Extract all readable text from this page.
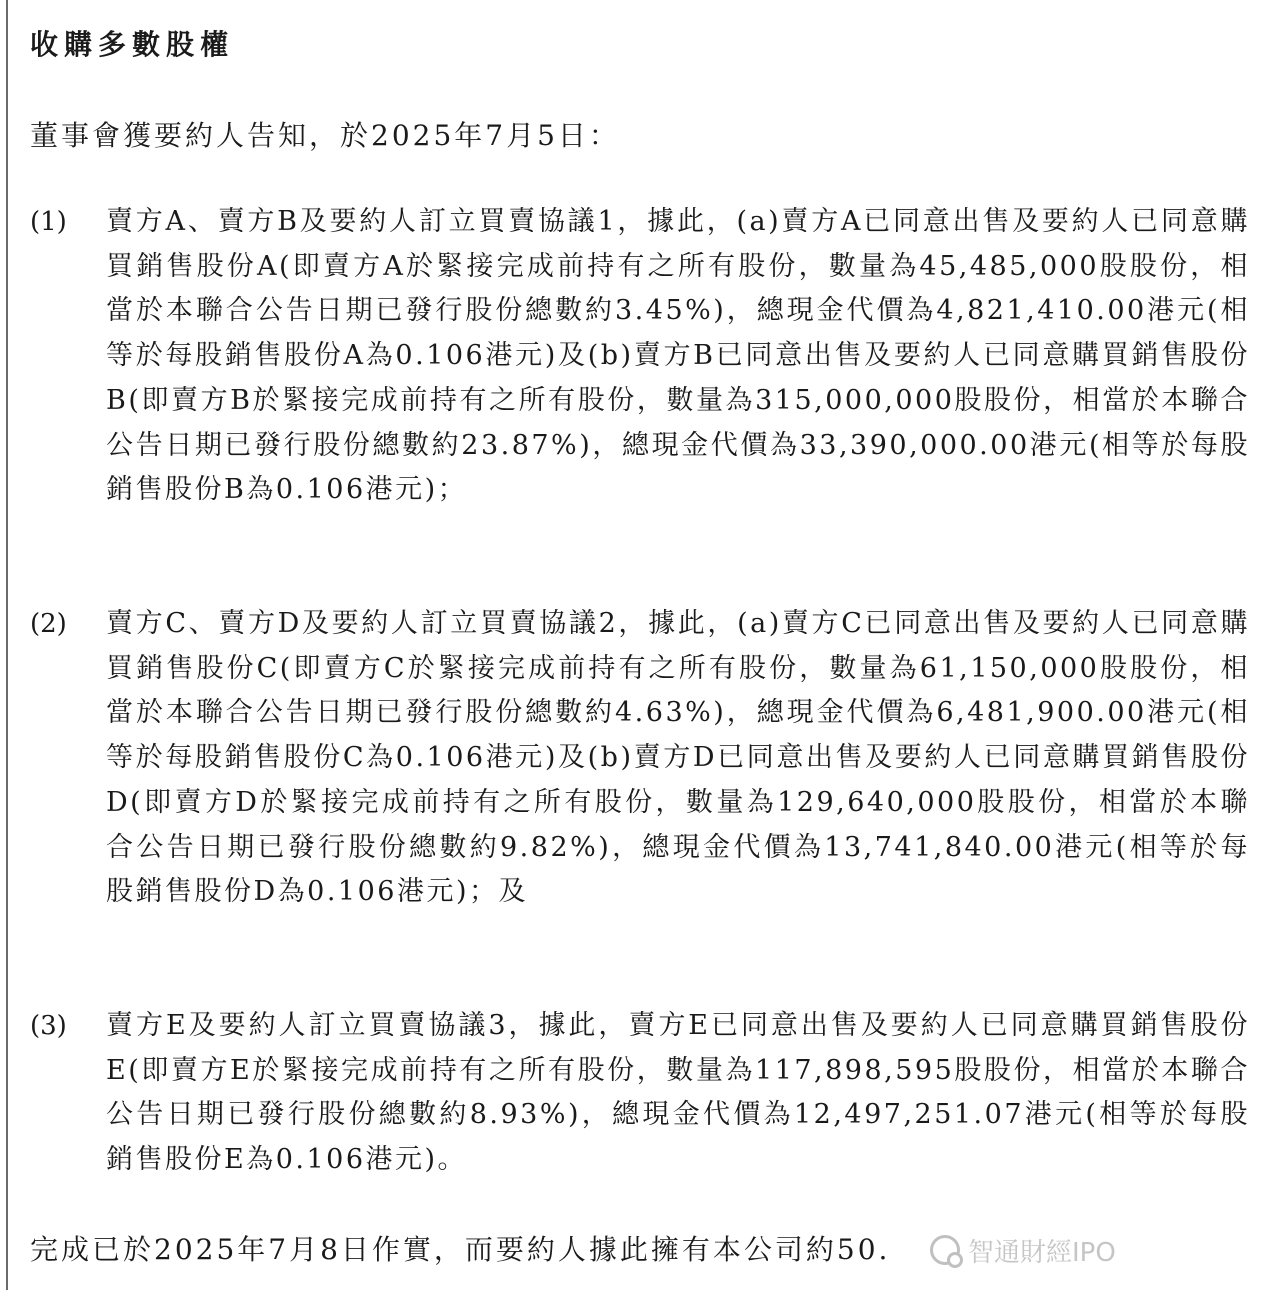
收購多數股權
董事會獲要約人告知，於2025年7月5日：
(1)	賣方A、賣方B及要約人訂立買賣協議1，據此，(a)賣方A已同意出售及要約人已同意購買銷售股份A(即賣方A於緊接完成前持有之所有股份，數量為45,485,000股股份，相當於本聯合公告日期已發行股份總數約3.45%)，總現金代價為4,821,410.00港元(相等於每股銷售股份A為0.106港元)及(b)賣方B已同意出售及要約人已同意購買銷售股份B(即賣方B於緊接完成前持有之所有股份，數量為315,000,000股股份，相當於本聯合公告日期已發行股份總數約23.87%)，總現金代價為33,390,000.00港元(相等於每股銷售股份B為0.106港元)；

(2)	賣方C、賣方D及要約人訂立買賣協議2，據此，(a)賣方C已同意出售及要約人已同意購買銷售股份C(即賣方C於緊接完成前持有之所有股份，數量為61,150,000股股份，相當於本聯合公告日期已發行股份總數約4.63%)，總現金代價為6,481,900.00港元(相等於每股銷售股份C為0.106港元)及(b)賣方D已同意出售及要約人已同意購買銷售股份D(即賣方D於緊接完成前持有之所有股份，數量為129,640,000股股份，相當於本聯合公告日期已發行股份總數約9.82%)，總現金代價為13,741,840.00港元(相等於每股銷售股份D為0.106港元)；及

(3)	賣方E及要約人訂立買賣協議3，據此，賣方E已同意出售及要約人已同意購買銷售股份E(即賣方E於緊接完成前持有之所有股份，數量為117,898,595股股份，相當於本聯合公告日期已發行股份總數約8.93%)，總現金代價為12,497,251.07港元(相等於每股銷售股份E為0.106港元)。

完成已於2025年7月8日作實，而要約人據此擁有本公司約50.	智通財經IPO
